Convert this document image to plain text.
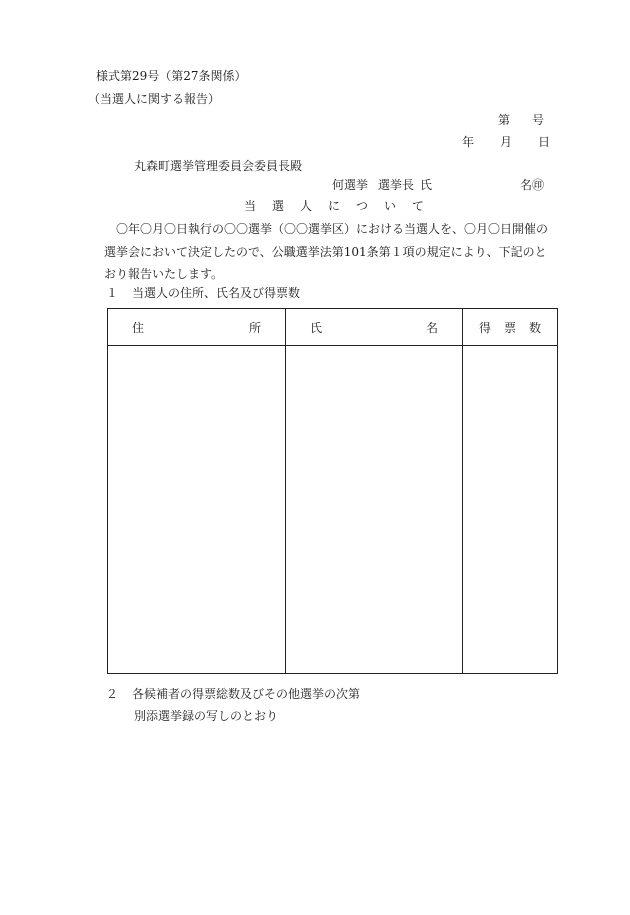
様式第29号（第27条関係）
（当選人に関する報告）
第 号
年 月 日
丸森町選挙管理委員会委員長殿
何選挙 選挙長 氏	名㊞
当 選 人 に つ い て
〇年〇月〇日執行の〇〇選挙（〇〇選挙区）における当選人を、〇月〇日開催の選挙会において決定したので、公職選挙法第101条第１項の規定により、下記のとおり報告いたします。
１ 当選人の住所、氏名及び得票数
住 所	氏 名	得 票 数

２ 各候補者の得票総数及びその他選挙の次第
別添選挙録の写しのとおり
